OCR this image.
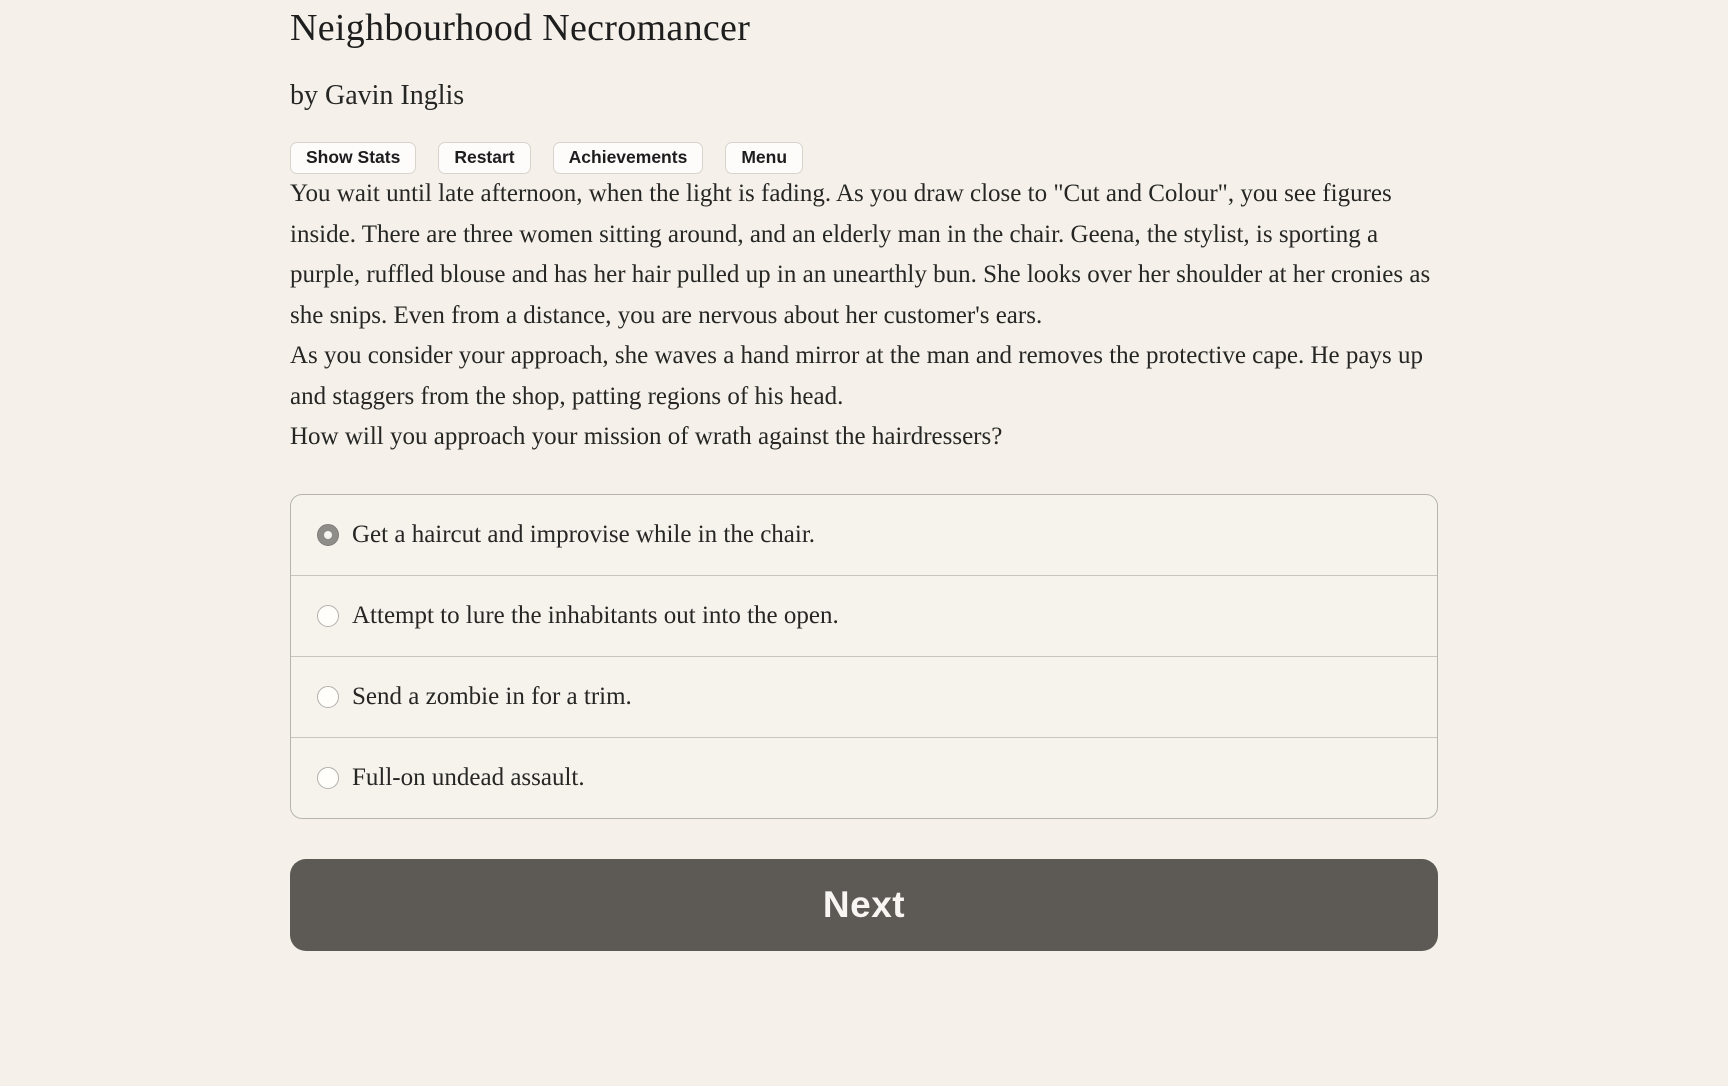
Neighbourhood Necromancer
by Gavin Inglis
Show Stats	Restart	Achievements	Menu

You wait until late afternoon, when the light is fading. As you draw close to "Cut and Colour", you see figures inside. There are three women sitting around, and an elderly man in the chair. Geena, the stylist, is sporting a purple, ruffled blouse and has her hair pulled up in an unearthly bun. She looks over her shoulder at her cronies as she snips. Even from a distance, you are nervous about her customer's ears.

As you consider your approach, she waves a hand mirror at the man and removes the protective cape. He pays up and staggers from the shop, patting regions of his head.

How will you approach your mission of wrath against the hairdressers?

Get a haircut and improvise while in the chair.
Attempt to lure the inhabitants out into the open.
Send a zombie in for a trim.
Full-on undead assault.
Next
